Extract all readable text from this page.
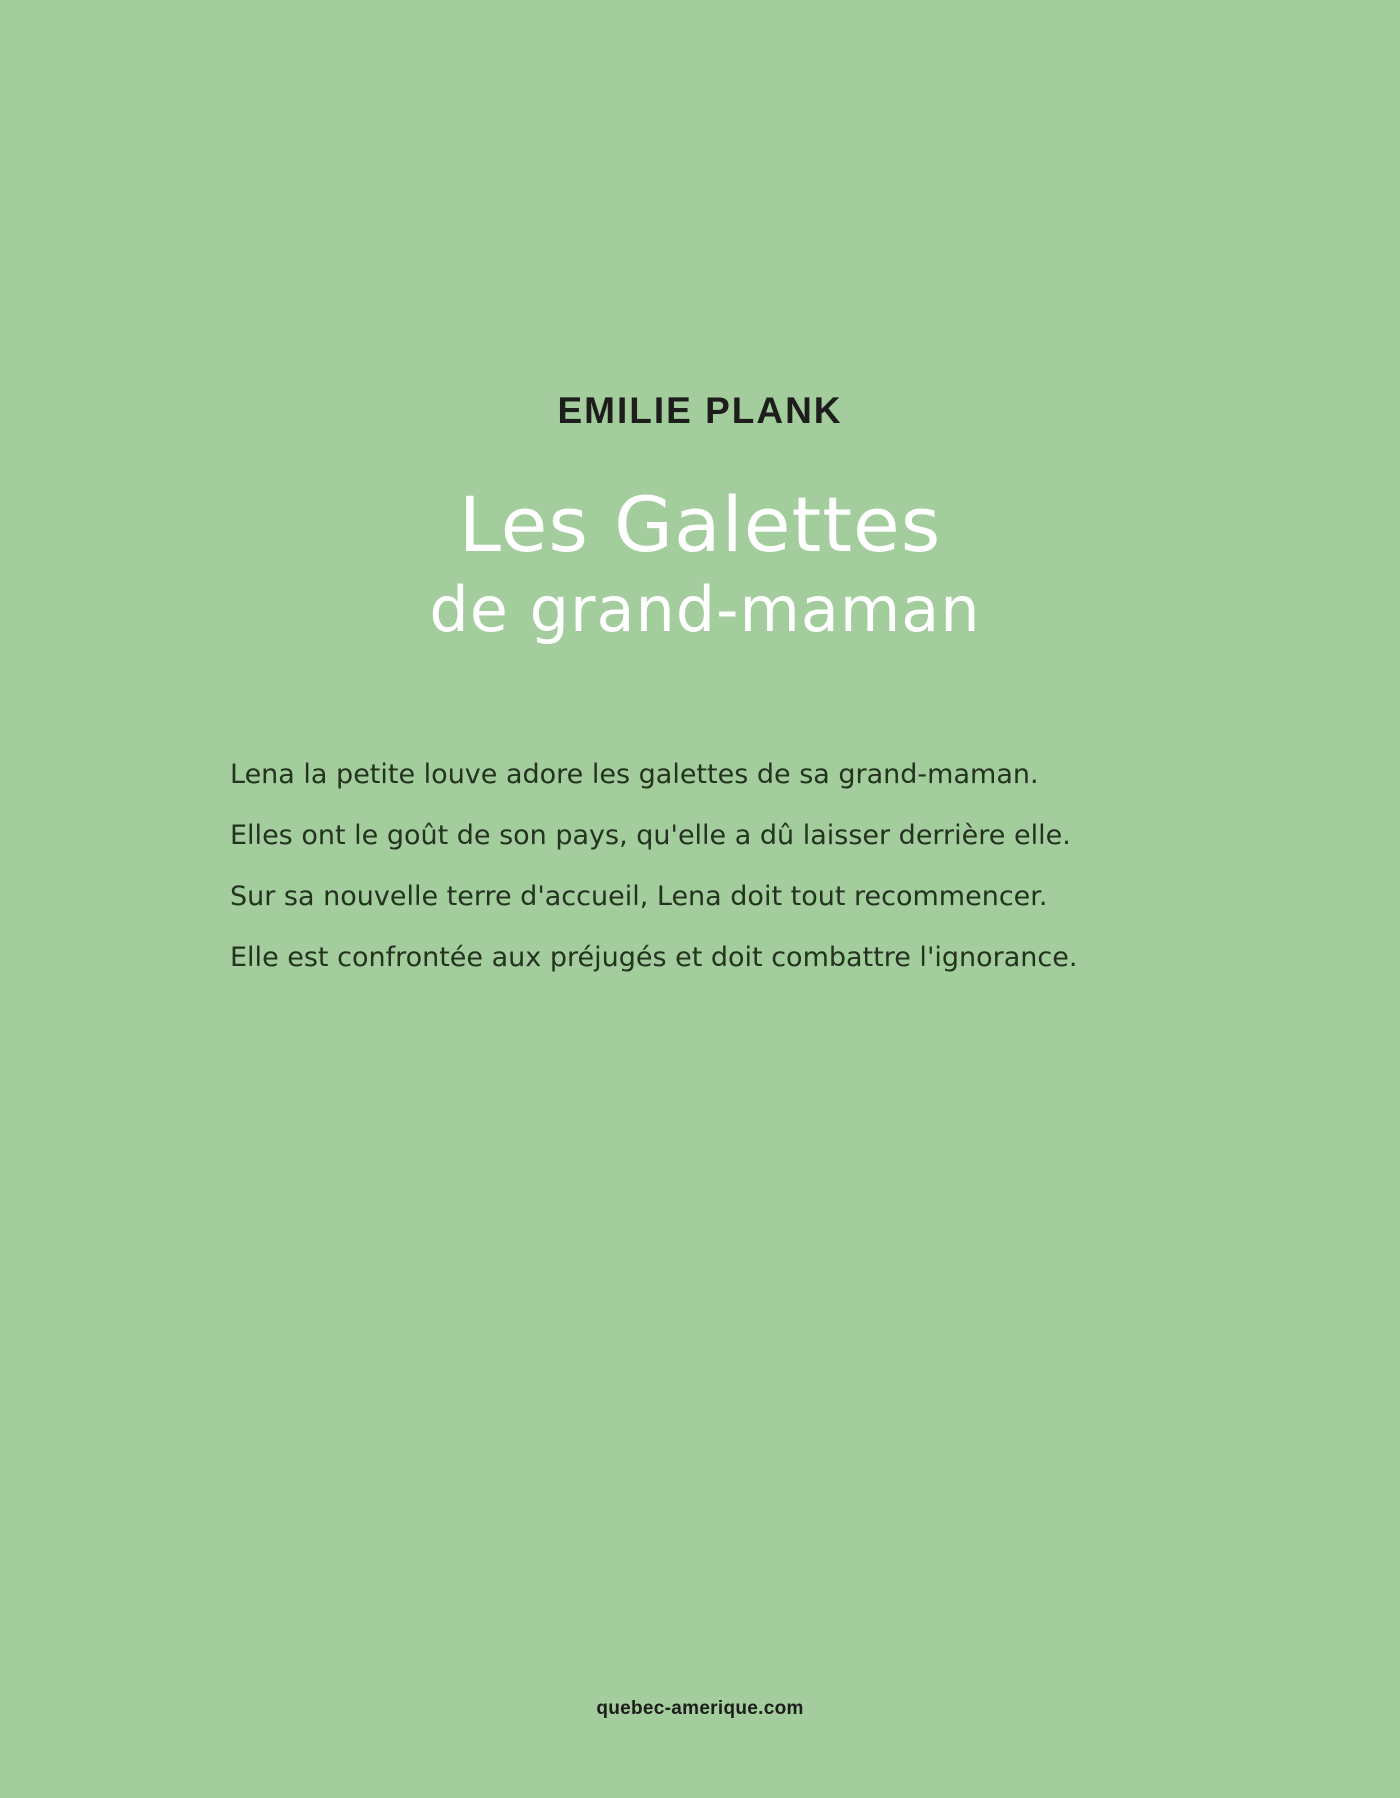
EMILIE PLANK
Les Galettes
de grand-maman

Lena la petite louve adore les galettes de sa grand-maman.

Elles ont le goût de son pays, qu'elle a dû laisser derrière elle.

Sur sa nouvelle terre d'accueil, Lena doit tout recommencer.

Elle est confrontée aux préjugés et doit combattre l'ignorance.

quebec-amerique.com
